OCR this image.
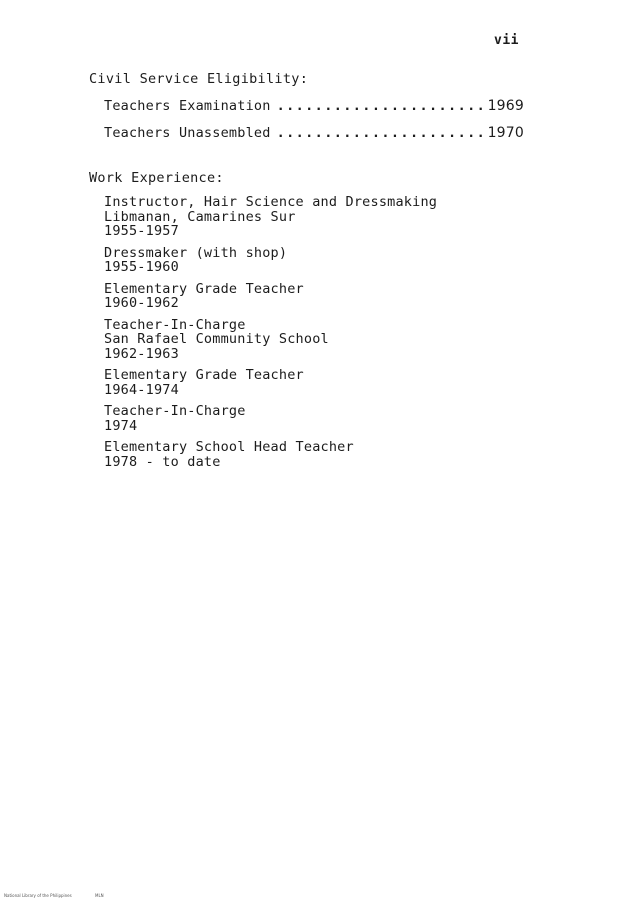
vii
Civil Service Eligibility:
Teachers Examination .....	1969
Teachers Unassembled .....	1970
Work Experience:
Instructor, Hair Science and Dressmaking
Libmanan, Camarines Sur
1955-1957
Dressmaker (with shop)
1955-1960
Elementary Grade Teacher
1960-1962
Teacher-In-Charge
San Rafael Community School
1962-1963
Elementary Grade Teacher
1964-1974
Teacher-In-Charge
1974
Elementary School Head Teacher
1978 - to date
National Library of the Philippines	MLN
